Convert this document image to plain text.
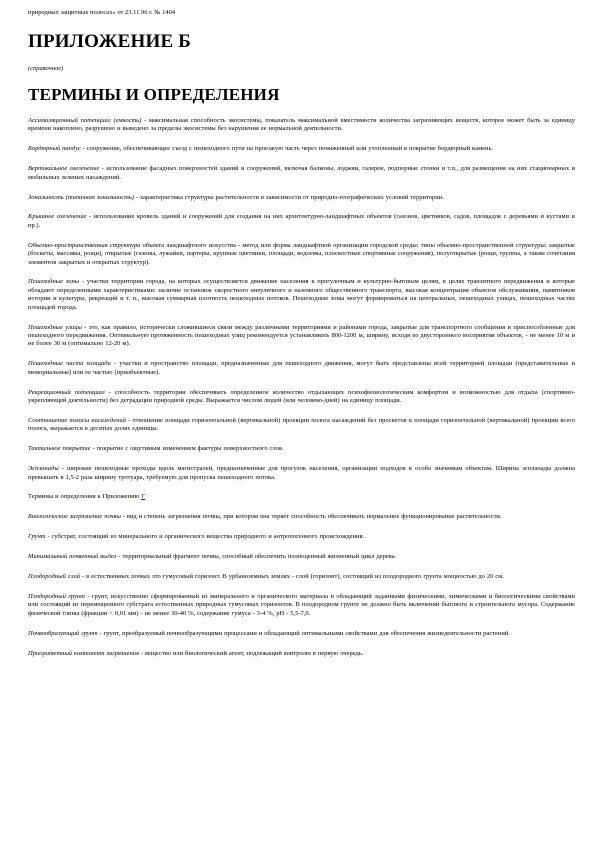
природных защитных полосах» от 23.11.96 г. № 1404
ПРИЛОЖЕНИЕ Б
(справочное)
ТЕРМИНЫ И ОПРЕДЕЛЕНИЯ

Ассимиляционный потенциал (емкость) - максимальная способность экосистемы, показатель максимальной вместимости количества загрязняющих веществ, которое может быть за единицу времени накоплено, разрушено и выведено за пределы экосистемы без нарушения ее нормальной деятельности.

Бордюрный пандус - сооружение, обеспечивающее съезд с пешеходного пути на проезжую часть через пониженный или утопленный в покрытие бордюрный камень.

Вертикальное озеленение - использование фасадных поверхностей зданий и сооружений, включая балконы, лоджии, галереи, подпорные стенки и т.п., для размещения на них стационарных и мобильных зеленых насаждений.

Зональность (типичная зональность) - характеристика структуры растительности в зависимости от природно-географических условий территории.

Крышное озеленение - использование кровель зданий и сооружений для создания на них архитектурно-ландшафтных объектов (газонов, цветников, садов, площадок с деревьями и кустами и пр.).

Объемно-пространственная структура объекта ландшафтного искусства - метод или форма ландшафтной организации городской среды: типы объемно-пространственной структуры: закрытые (боскеты, массивы, рощи), открытые (газоны, лужайки, партеры, крупные цветники, площади, водоемы, плоскостные спортивные сооружения), полуоткрытые (рощи, группы, а также сочетания элементов закрытых и открытых структур).

Пешеходные зоны - участки территории города, на которых осуществляется движение населения к прогулочным и культурно-бытовым целям, в целях транзитного передвижения и которые обладают определенными характеристиками: наличие остановок скоростного внеуличного и наземного общественного транспорта, высокая концентрация объектов обслуживания, памятников истории и культуры, рекреаций и т. п., высокая суммарная плотность пешеходных потоков. Пешеходные зоны могут формироваться на центральных, пешеходных улицах, пешеходных частях площадей города.

Пешеходные улицы - это, как правило, исторически сложившиеся связи между различными территориями и районами города, закрытые для транспортного сообщения и приспособленные для пешеходного передвижения. Оптимальную протяженность пешеходных улиц рекомендуется устанавливать 800-1200 м, ширину, исходя из двустороннего восприятия объектов, - не менее 10 м и не более 30 м (оптимально 12-20 м).

Пешеходные части площади - участки и пространство площади, предназначенные для пешеходного движения, могут быть представлены всей территорией площади (представительные и мемориальные) или ее частью (приобъектные).

Рекреационный потенциал - способность территории обеспечивать определенное количество отдыхающих психофизиологическим комфортом и возможностью для отдыха (спортивно-укрепляющей деятельности) без деградации природной среды. Выражается числом людей (или человеко-дней) на единицу площади.

Соотношение полосы насаждений - отношение площади горизонтальной (вертикальной) проекции полога насаждений без просветов к площади горизонтальной (вертикальной) проекции всего полога, выражается в десятых долях единицы.

Тактильное покрытие - покрытие с ощутимым изменением фактуры поверхностного слоя.

Эспланады - широкие пешеходные проходы вдоль магистралей, предназначенные для прогулок населения, организации подходов к особо значимым объектам. Ширина эспланады должна превышать в 1,5-2 раза ширину тротуара, требуемую для пропуска пешеходного потока.

Термины и определения к Приложению Г

Биологическое загрязнение почвы - вид и степень загрязнения почвы, при котором она теряет способность обеспечивать нормальное функционирование растительности.

Грунт - субстрат, состоящий из минерального и органического вещества природного и антропогенного происхождения.

Минимальный почвенный выдел - территориальный фрагмент почвы, способный обеспечить полноценный жизненный цикл дерева.

Плодородный слой - в естественных почвах это гумусовый горизонт. В урбаноземных землях - слой (горизонт), состоящий из плодородного грунта мощностью до 20 см.

Плодородный грунт - грунт, искусственно сформированный из минерального и органического материала и обладающий заданными физическими, химическими и биологическими свойствами или состоящий из перемещенного субстрата естественных природных гумусовых горизонтов. В плодородном грунте не должно быть включений бытового и строительного мусора. Содержание физической глины (фракции < 0,01 мм) - не менее 30-40 %, содержание гумуса - 3-4 %, рН - 5,5-7,0.

Почвообразующий грунт - грунт, преобразуемый почвообразующими процессами и обладающий оптимальными свойствами для обеспечения жизнедеятельности растений.

Приоритетный компонент загрязнения - вещество или биологический агент, подлежащий контролю в первую очередь.
